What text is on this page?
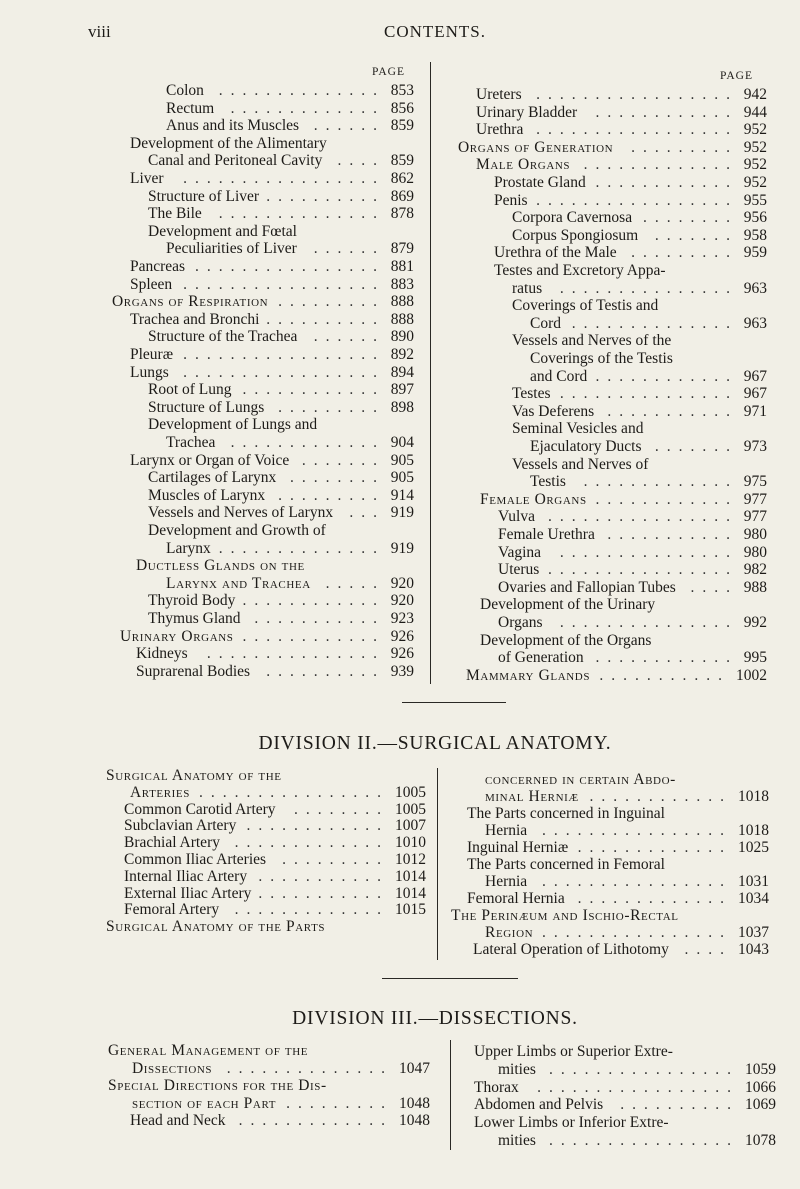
viii	CONTENTS.
PAGE	PAGE
Colon	853
..............
Rectum	856
.............
Anus and its Muscles	859
......
Development of the Alimentary
Canal and Peritoneal Cavity	859
....
Liver	862
.................
Structure of Liver	869
..........
The Bile	878
..............
Development and Fœtal
Peculiarities of Liver	879
......
Pancreas	881
................
Spleen	883
.................
Organs of Respiration	888
.........
Trachea and Bronchi	888
..........
Structure of the Trachea	890
......
Pleuræ	892
.................
Lungs	894
.................
Root of Lung	897
............
Structure of Lungs	898
.........
Development of Lungs and
Trachea	904
.............
Larynx or Organ of Voice	905
.......
Cartilages of Larynx	905
........
Muscles of Larynx	914
.........
Vessels and Nerves of Larynx	919
...
Development and Growth of
Larynx	919
..............
Ductless Glands on the
Larynx and Trachea	920
.....
Thyroid Body	920
............
Thymus Gland	923
...........
Urinary Organs	926
............
Kidneys	926
...............
Suprarenal Bodies	939
..........
Ureters	942
.................
Urinary Bladder	944
............
Urethra	952
.................
Organs of Generation	952
.........
Male Organs	952
.............
Prostate Gland	952
............
Penis	955
.................
Corpora Cavernosa	956
........
Corpus Spongiosum	958
.......
Urethra of the Male	959
.........
Testes and Excretory Appa-
ratus	963
...............
Coverings of Testis and
Cord	963
..............
Vessels and Nerves of the
Coverings of the Testis
and Cord	967
............
Testes	967
...............
Vas Deferens	971
...........
Seminal Vesicles and
Ejaculatory Ducts	973
.......
Vessels and Nerves of
Testis	975
.............
Female Organs	977
............
Vulva	977
................
Female Urethra	980
...........
Vagina	980
...............
Uterus	982
................
Ovaries and Fallopian Tubes	988
....
Development of the Urinary
Organs	992
...............
Development of the Organs
of Generation	995
............
Mammary Glands	1002
...........
DIVISION II.—SURGICAL ANATOMY.
Surgical Anatomy of the
Arteries	1005
................
Common Carotid Artery	1005
........
Subclavian Artery	1007
............
Brachial Artery	1010
.............
Common Iliac Arteries	1012
.........
Internal Iliac Artery	1014
...........
External Iliac Artery	1014
...........
Femoral Artery	1015
.............
Surgical Anatomy of the Parts
concerned in certain Abdo-
minal Herniæ	1018
............
The Parts concerned in Inguinal
Hernia	1018
................
Inguinal Herniæ	1025
.............
The Parts concerned in Femoral
Hernia	1031
................
Femoral Hernia	1034
.............
The Perinæum and Ischio-Rectal
Region	1037
................
Lateral Operation of Lithotomy	1043
....
DIVISION III.—DISSECTIONS.
General Management of the
Dissections	1047
..............
Special Directions for the Dis-
section of each Part	1048
.........
Head and Neck	1048
.............
Upper Limbs or Superior Extre-
mities	1059
................
Thorax	1066
.................
Abdomen and Pelvis	1069
..........
Lower Limbs or Inferior Extre-
mities	1078
................
